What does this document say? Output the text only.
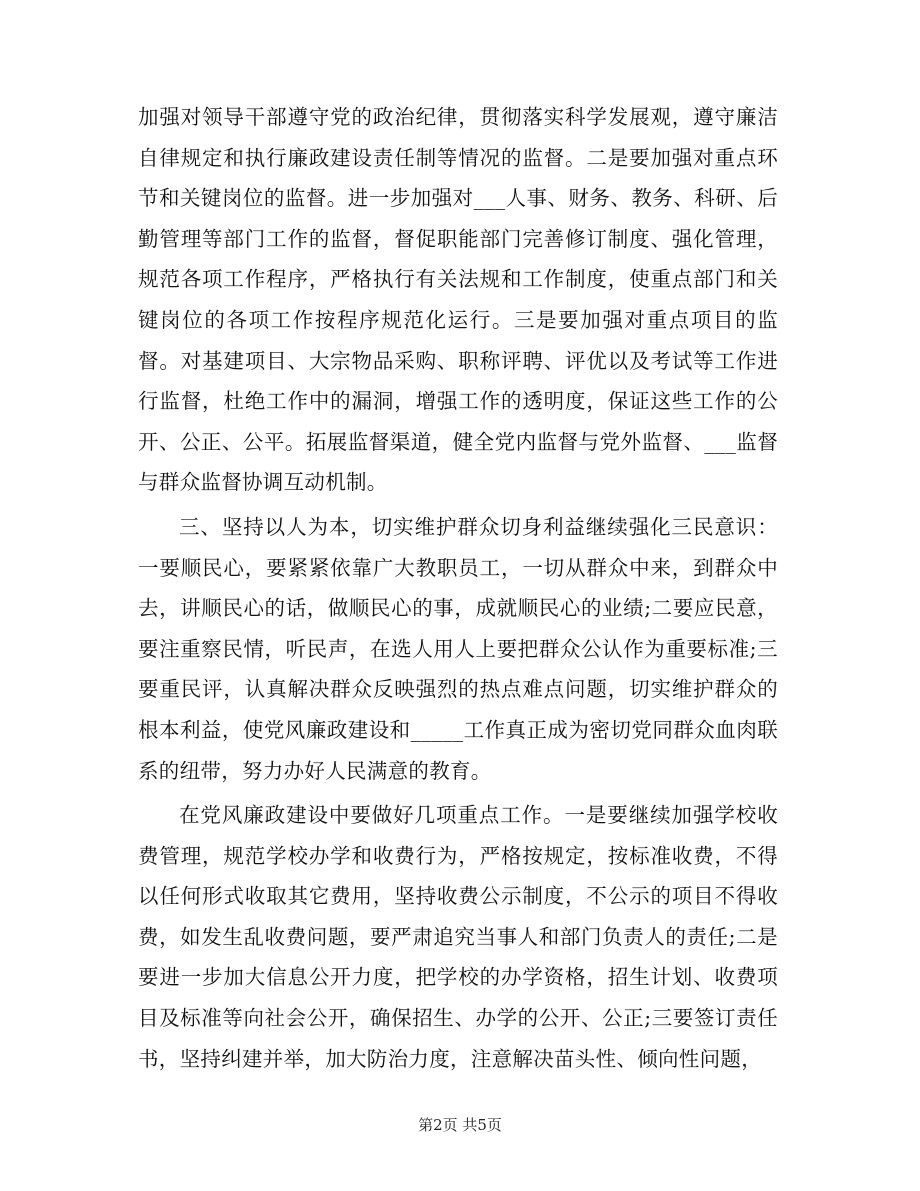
加强对领导干部遵守党的政治纪律，贯彻落实科学发展观，遵守廉洁自律规定和执行廉政建设责任制等情况的监督。二是要加强对重点环节和关键岗位的监督。进一步加强对___人事、财务、教务、科研、后勤管理等部门工作的监督，督促职能部门完善修订制度、强化管理，规范各项工作程序，严格执行有关法规和工作制度，使重点部门和关键岗位的各项工作按程序规范化运行。三是要加强对重点项目的监督。对基建项目、大宗物品采购、职称评聘、评优以及考试等工作进行监督，杜绝工作中的漏洞，增强工作的透明度，保证这些工作的公开、公正、公平。拓展监督渠道，健全党内监督与党外监督、___监督与群众监督协调互动机制。

三、坚持以人为本，切实维护群众切身利益继续强化三民意识：一要顺民心，要紧紧依靠广大教职员工，一切从群众中来，到群众中去，讲顺民心的话，做顺民心的事，成就顺民心的业绩;二要应民意，要注重察民情，听民声，在选人用人上要把群众公认作为重要标准;三要重民评，认真解决群众反映强烈的热点难点问题，切实维护群众的根本利益，使党风廉政建设和_____工作真正成为密切党同群众血肉联系的纽带，努力办好人民满意的教育。

在党风廉政建设中要做好几项重点工作。一是要继续加强学校收费管理，规范学校办学和收费行为，严格按规定，按标准收费，不得以任何形式收取其它费用，坚持收费公示制度，不公示的项目不得收费，如发生乱收费问题，要严肃追究当事人和部门负责人的责任;二是要进一步加大信息公开力度，把学校的办学资格，招生计划、收费项目及标准等向社会公开，确保招生、办学的公开、公正;三要签订责任书，坚持纠建并举，加大防治力度，注意解决苗头性、倾向性问题，

第2页 共5页
